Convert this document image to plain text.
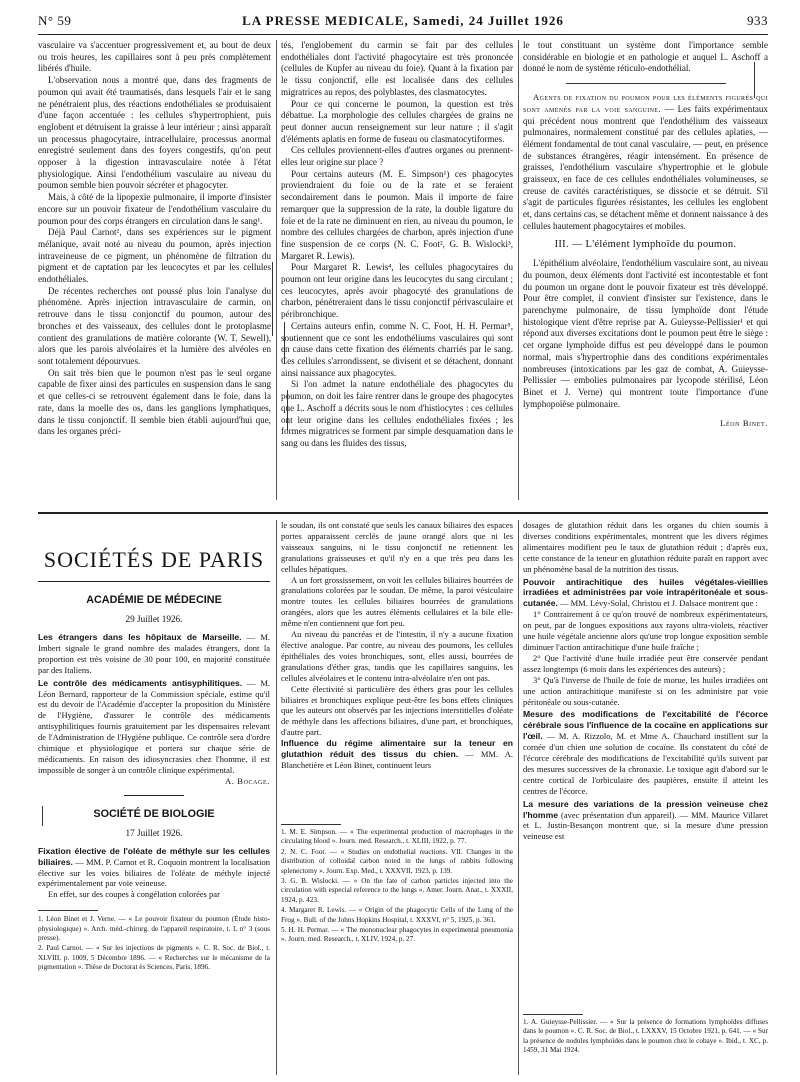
N° 59	LA PRESSE MEDICALE, Samedi, 24 Juillet 1926	933

vasculaire va s'accentuer progressivement et, au bout de deux ou trois heures, les capillaires sont à peu près complètement libérés d'huile.

L'observation nous a montré que, dans des fragments de poumon qui avait été traumatisés, dans lesquels l'air et le sang ne pénétraient plus, des réactions endothéliales se produisaient d'une façon accentuée : les cellules s'hypertrophient, puis englobent et détruisent la graisse à leur intérieur ; ainsi apparaît un processus phagocytaire, intracellulaire, processus anormal enregistré seulement dans des foyers congestifs, qu'on peut opposer à la digestion intravasculaire notée à l'état physiologique. Ainsi l'endothélium vasculaire au niveau du poumon semble bien pouvoir sécréter et phagocyter.

Mais, à côté de la lipopexie pulmonaire, il importe d'insister encore sur un pouvoir fixateur de l'endothélium vasculaire du poumon pour des corps étrangers en circulation dans le sang¹.

Déjà Paul Carnot², dans ses expériences sur le pigment mélanique, avait noté au niveau du poumon, après injection intraveineuse de ce pigment, un phénomène de filtration du pigment et de captation par les leucocytes et par les cellules endothéliales.

De récentes recherches ont poussé plus loin l'analyse du phénomène. Après injection intravasculaire de carmin, on retrouve dans le tissu conjonctif du poumon, autour des bronches et des vaisseaux, des cellules dont le protoplasme contient des granulations de matière colorante (W. T. Sewell), alors que les parois alvéolaires et la lumière des alvéoles en sont totalement dépourvues.

On sait très bien que le poumon n'est pas le seul organe capable de fixer ainsi des particules en suspension dans le sang et que celles-ci se retrouvent également dans le foie, dans la rate, dans la moelle des os, dans les ganglions lymphatiques, dans le tissu conjonctif. Il semble bien établi aujourd'hui que, dans les organes préci-

tés, l'englobement du carmin se fait par des cellules endothéliales dont l'activité phagocytaire est très prononcée (cellules de Kupfer au niveau du foie). Quant à la fixation par le tissu conjonctif, elle est localisée dans des cellules migratrices au repos, des polyblastes, des clasmatocytes.

Pour ce qui concerne le poumon, la question est très débattue. La morphologie des cellules chargées de grains ne peut donner aucun renseignement sur leur nature ; il s'agit d'éléments aplatis en forme de fuseau ou clasmatocytiformes.

Ces cellules proviennent-elles d'autres organes ou prennent-elles leur origine sur place ?

Pour certains auteurs (M. E. Simpson¹) ces phagocytes proviendraient du foie ou de la rate et se feraient secondairement dans le poumon. Mais il importe de faire remarquer que la suppression de la rate, la double ligature du foie et de la rate ne diminuent en rien, au niveau du poumon, le nombre des cellules chargées de charbon, après injection d'une fine suspension de ce corps (N. C. Foot², G. B. Wislocki³, Margaret R. Lewis).

Pour Margaret R. Lewis⁴, les cellules phagocytaires du poumon ont leur origine dans les leucocytes du sang circulant ; ces leucocytes, après avoir phagocyté des granulations de charbon, pénétreraient dans le tissu conjonctif périvasculaire et péribronchique.

Certains auteurs enfin, comme N. C. Foot, H. H. Permar⁵, soutiennent que ce sont les endothéliums vasculaires qui sont en cause dans cette fixation des éléments charriés par le sang. Ces cellules s'arrondissent, se divisent et se détachent, donnant ainsi naissance aux phagocytes.

Si l'on admet la nature endothéliale des phagocytes du poumon, on doit les faire rentrer dans le groupe des phagocytes que L. Aschoff a décrits sous le nom d'histiocytes : ces cellules ont leur origine dans les cellules endothéliales fixées ; les formes migratrices se forment par simple desquamation dans le sang ou dans les fluides des tissus,

le tout constituant un système dont l'importance semble considérable en biologie et en pathologie et auquel L. Aschoff a donné le nom de système réticulo-endothélial.

Agents de fixation du poumon pour les éléments figurés qui sont amenés par la voie sanguine. — Les faits expérimentaux qui précédent nous montrent que l'endothélium des vaisseaux pulmonaires, normalement constitué par des cellules aplaties, — élément fondamental de tout canal vasculaire, — peut, en présence de substances étrangères, réagir intensément. En présence de graisses, l'endothélium vasculaire s'hypertrophie et le globule graisseux, en face de ces cellules endothéliales volumineuses, se creuse de cavités caractéristiques, se dissocie et se détruit. S'il s'agit de particules figurées résistantes, les cellules les englobent et, dans certains cas, se détachent même et donnent naissance à des cellules hautement phagocytaires et mobiles.

III. — L'élément lymphoïde du poumon.

L'épithélium alvéolaire, l'endothélium vasculaire sont, au niveau du poumon, deux éléments dont l'activité est incontestable et font du poumon un organe dont le pouvoir fixateur est très développé. Pour être complet, il convient d'insister sur l'existence, dans le parenchyme pulmonaire, de tissu lymphoïde dont l'étude histologique vient d'être reprise par A. Guieysse-Pellissier¹ et qui répond aux diverses excitations dont le poumon peut être le siège : cet organe lymphoïde diffus est peu développé dans le poumon normal, mais s'hypertrophie dans des conditions expérimentales nombreuses (intoxications par les gaz de combat, A. Guieysse-Pellissier — embolies pulmonaires par lycopode stérilisé, Léon Binet et J. Verne) qui montrent toute l'importance d'une lymphopoïèse pulmonaire.

Léon Binet.
SOCIÉTÉS DE PARIS
ACADÉMIE DE MÉDECINE
29 Juillet 1926.

Les étrangers dans les hôpitaux de Marseille. — M. Imbert signale le grand nombre des malades étrangers, dont la proportion est très voisine de 30 pour 100, en majorité constituée par des Italiens.

Le contrôle des médicaments antisyphilitiques. — M. Léon Bernard, rapporteur de la Commission spéciale, estime qu'il est du devoir de l'Académie d'accepter la proposition du Ministère de l'Hygiène, d'assurer le contrôle des médicaments antisyphilitiques fournis gratuitement par les dispensaires relevant de l'Administration de l'Hygiène publique. Ce contrôle sera d'ordre chimique et physiologique et portera sur chaque série de médicaments. En raison des idiosyncrasies chez l'homme, il est impossible de songer à un contrôle clinique expérimental.

A. Bocage.
SOCIÉTÉ DE BIOLOGIE
17 Juillet 1926.

Fixation élective de l'oléate de méthyle sur les cellules biliaires. — MM. P. Carnot et R. Coquoin montrent la localisation élective sur les voies biliaires de l'oléate de méthyle injecté expérimentalement par voie veineuse.

En effet, sur des coupes à congélation colorées par

1. Léon Binet et J. Verne. — « Le pouvoir fixateur du poumon (Étude histo-physiologique) ». Arch. méd.-chirurg. de l'appareil respiratoire, t. I, n° 3 (sous presse).

2. Paul Carnot. — « Sur les injections de pigments ». C. R. Soc. de Biol., t. XLVIII, p. 1009, 5 Décembre 1896. — « Recherches sur le mécanisme de la pigmentation ». Thèse de Doctorat ès Sciences, Paris, 1896.

le soudan, ils ont constaté que seuls les canaux biliaires des espaces portes apparaissent cerclés de jaune orangé alors que ni les vaisseaux sanguins, ni le tissu conjonctif ne retiennent les granulations graisseuses et qu'il n'y en a que très peu dans les cellules hépatiques.

A un fort grossissement, on voit les cellules biliaires bourrées de granulations colorées par le soudan. De même, la paroi vésiculaire montre toutes les cellules biliaires bourrées de granulations orangées, alors que les autres éléments cellulaires et la bile elle-même n'en contiennent que fort peu.

Au niveau du pancréas et de l'intestin, il n'y a aucune fixation élective analogue. Par contre, au niveau des poumons, les cellules épithéliales des voies bronchiques, sont, elles aussi, bourrées de granulations d'éther gras, tandis que les capillaires sanguins, les cellules alvéolaires et le contenu intra-alvéolaire n'en ont pas.

Cette électivité si particulière des éthers gras pour les cellules biliaires et bronchiques explique peut-être les bons effets cliniques que les auteurs ont observés par les injections interstitielles d'oléate de méthyle dans les affections biliaires, d'une part, et bronchiques, d'autre part.

Influence du régime alimentaire sur la teneur en glutathion réduit des tissus du chien. — MM. A. Blanchetière et Léon Binet, continuent leurs

1. M. E. Simpson. — « The experimental production of macrophages in the circulating blood ». Journ. med. Research., t. XLIII, 1922, p. 77.

2. N. C. Foot. — « Studies on endothelial reactions. VII. Changes in the distribution of colloidal carbon noted in the lungs of rabbits following splenectomy ». Journ. Exp. Med., t. XXXVII, 1923, p. 139.

3. G. B. Wislocki. — « On the fate of carbon particles injected into the circulation with especial reference to the lungs ». Amer. Journ. Anat., t. XXXII, 1924, p. 423.

4. Margaret R. Lewis. — « Origin of the phagocytic Cells of the Lung of the Frog ». Bull. of the Johns Hopkins Hospital, t. XXXVI, n° 5, 1925, p. 361.

5. H. H. Permar. — « The mononuclear phagocytes in experimental pneumonia ». Journ. med. Research., t. XLIV, 1924, p. 27.

dosages de glutathion réduit dans les organes du chien soumis à diverses conditions expérimentales, montrent que les divers régimes alimentaires modifient peu le taux de glutathion réduit ; d'après eux, cette constance de la teneur en glutathion réduite paraît en rapport avec un phénomène basal de la nutrition des tissus.

Pouvoir antirachitique des huiles végétales-vieillies irradiées et administrées par voie intrapéritonéale et sous-cutanée. — MM. Lévy-Solal, Christou et J. Dalsace montrent que :

1° Contrairement à ce qu'on trouvé de nombreux expérimentateurs, on peut, par de longues expositions aux rayons ultra-violets, réactiver une huile végétale ancienne alors qu'une trop longue exposition semble diminuer l'action antirachitique d'une huile fraîche ;

2° Que l'activité d'une huile irradiée peut être conservée pendant assez longtemps (6 mois dans les expériences des auteurs) ;

3° Qu'à l'inverse de l'huile de foie de morue, les huiles irradiées ont une action antirachitique manifeste si on les administre par voie péritonéale ou sous-cutanée.

Mesure des modifications de l'excitabilité de l'écorce cérébrale sous l'influence de la cocaïne en applications sur l'œil. — M. A. Rizzolo, M. et Mme A. Chauchard instillent sur la cornée d'un chien une solution de cocaïne. Ils constatent du côté de l'écorce cérébrale des modifications de l'excitabilité qu'ils suivent par des mesures successives de la chronaxie. Le toxique agit d'abord sur le centre cortical de l'orbiculaire des paupières, ensuite il atteint les centres de l'écorce.

La mesure des variations de la pression veineuse chez l'homme (avec présentation d'un appareil). — MM. Maurice Villaret et L. Justin-Besançon montrent que, si la mesure d'une pression veineuse est

1. A. Guieysse-Pellissier. — « Sur la présence de formations lymphoïdes diffuses dans le poumon ». C. R. Soc. de Biol., t. LXXXV, 15 Octobre 1921, p. 641. — « Sur la présence de nodules lymphoïdes dans le poumon chez le cobaye ». Ibid., t. XC, p. 1459, 31 Mai 1924.
